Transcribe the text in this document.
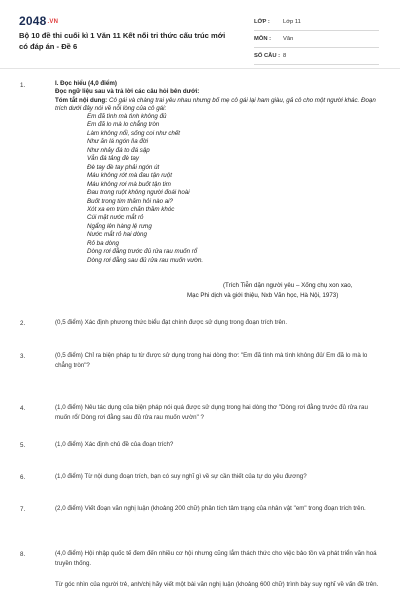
2048.VN
Bộ 10 đề thi cuối kì 1 Văn 11 Kết nối tri thức cấu trúc mới có đáp án - Đề 6
LỚP :	Lớp 11
MÔN :	Văn
SỐ CÂU : 8
1.	I. Đọc hiểu (4,0 điểm)
Đọc ngữ liệu sau và trả lời các câu hỏi bên dưới:
Tóm tắt nội dung: Cô gái và chàng trai yêu nhau nhưng bố mẹ cô gái lại ham giàu, gả cô cho một người khác. Đoạn trích dưới đây nói về nỗi lòng của cô gái:
Em đã tình mà tình không đủ
Em đã lo mà lo chẳng tròn
Làm không nổi, sống coi như chết
Như ăn lá ngón lìa đời
Như nhảy đá to đá sập
Vẫn đá tảng đè tay
Đè tay đè tay phải ngón út
Máu không rớt mà đau tận ruột
Máu không rơi mà buốt tận tim
Đau trong ruột không người đoái hoài
Buốt trong tim thăm hỏi nào ai?
Xót xa em trùm chăn thầm khóc
Cúi mặt nước mắt rỏ
Ngẩng lên hàng lệ rưng
Nước mắt rỏ hai dòng
Rỏ ba dòng
Dòng rơi đằng trước đủ rửa rau muốn rổ
Dòng rơi đằng sau đủ rửa rau muốn vườn.
(Trích Tiễn dặn người yêu – Xống chụ xon xao,
Mạc Phi dịch và giới thiệu, Nxb Văn học, Hà Nội, 1973)
2.	(0,5 điểm) Xác định phương thức biểu đạt chính được sử dụng trong đoạn trích trên.
3.	(0,5 điểm) Chỉ ra biện pháp tu từ được sử dụng trong hai dòng thơ: "Em đã tình mà tình không đủ/ Em đã lo mà lo chẳng tròn"?
4.	(1,0 điểm) Nêu tác dụng của biện pháp nói quá được sử dụng trong hai dòng thơ "Dòng rơi đằng trước đủ rửa rau muốn rổ/ Dòng rơi đằng sau đủ rửa rau muốn vườn" ?
5.	(1,0 điểm) Xác định chủ đề của đoạn trích?
6.	(1,0 điểm) Từ nội dung đoạn trích, bạn có suy nghĩ gì về sự cần thiết của tự do yêu đương?
7.	(2,0 điểm) Viết đoạn văn nghị luận (khoảng 200 chữ) phân tích tâm trạng của nhân vật "em" trong đoạn trích trên.
8.	(4,0 điểm) Hội nhập quốc tế đem đến nhiều cơ hội nhưng cũng lắm thách thức cho việc bảo tồn và phát triển văn hoá truyền thống.
Từ góc nhìn của người trẻ, anh/chị hãy viết một bài văn nghị luận (khoảng 600 chữ) trình bày suy nghĩ về vấn đề trên.
